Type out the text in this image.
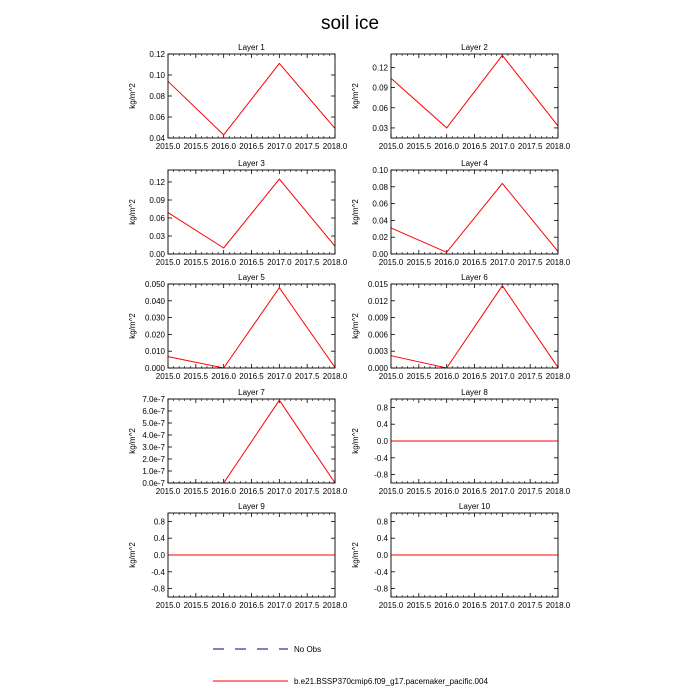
soil ice
Layer 1
kg/m^2
2015.0 2015.5 2016.0 2016.5 2017.0 2017.5 2018.0
0.04
0.06
0.08
0.10
0.12
Layer 2
kg/m^2
2015.0 2015.5 2016.0 2016.5 2017.0 2017.5 2018.0
0.03
0.06
0.09
0.12
Layer 3
kg/m^2
2015.0 2015.5 2016.0 2016.5 2017.0 2017.5 2018.0
0.00
0.03
0.06
0.09
0.12
Layer 4
kg/m^2
2015.0 2015.5 2016.0 2016.5 2017.0 2017.5 2018.0
0.00
0.02
0.04
0.06
0.08
0.10
Layer 5
kg/m^2
2015.0 2015.5 2016.0 2016.5 2017.0 2017.5 2018.0
0.000
0.010
0.020
0.030
0.040
0.050
Layer 6
kg/m^2
2015.0 2015.5 2016.0 2016.5 2017.0 2017.5 2018.0
0.000
0.003
0.006
0.009
0.012
0.015
Layer 7
kg/m^2
2015.0 2015.5 2016.0 2016.5 2017.0 2017.5 2018.0
0.0e-7
1.0e-7
2.0e-7
3.0e-7
4.0e-7
5.0e-7
6.0e-7
7.0e-7
Layer 8
kg/m^2
2015.0 2015.5 2016.0 2016.5 2017.0 2017.5 2018.0
-0.8
-0.4
0.0
0.4
0.8
Layer 9
kg/m^2
2015.0 2015.5 2016.0 2016.5 2017.0 2017.5 2018.0
-0.8
-0.4
0.0
0.4
0.8
Layer 10
kg/m^2
2015.0 2015.5 2016.0 2016.5 2017.0 2017.5 2018.0
-0.8
-0.4
0.0
0.4
0.8
No Obs
b.e21.BSSP370cmip6.f09_g17.pacemaker_pacific.004
